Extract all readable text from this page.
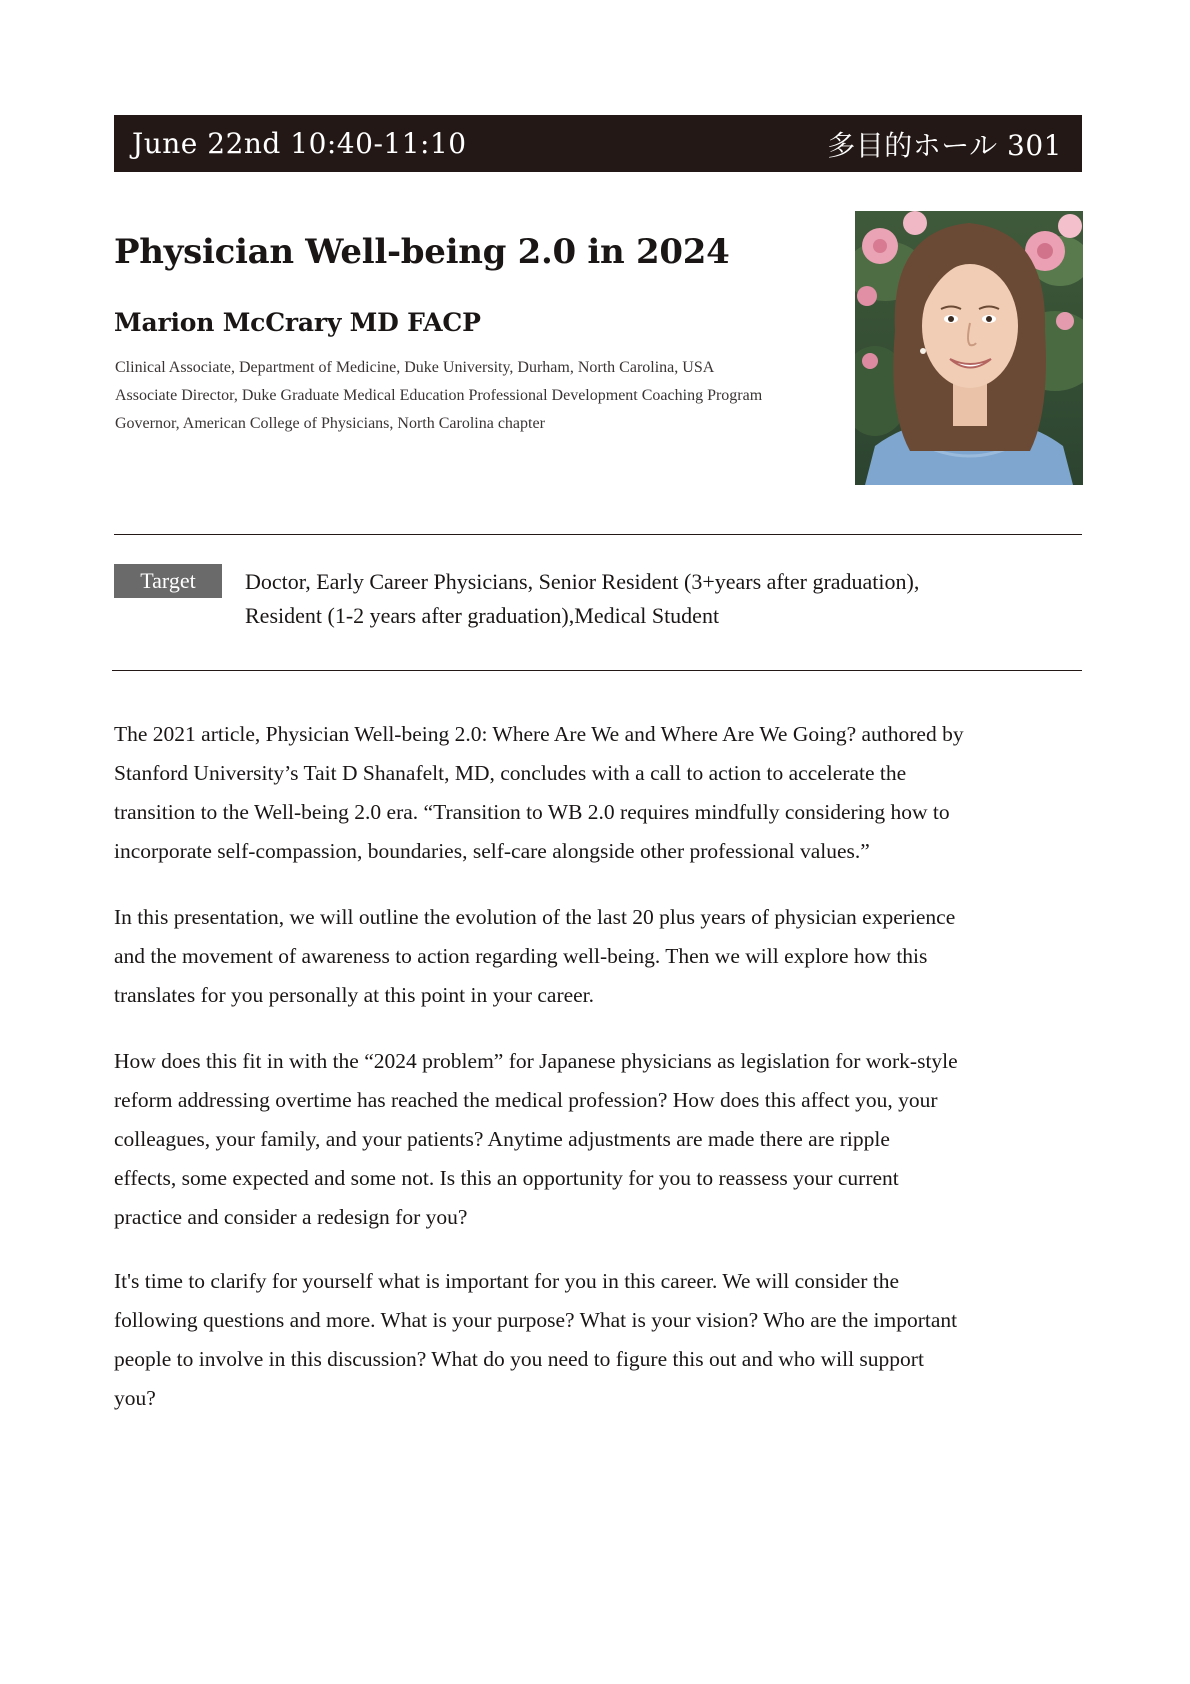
June 22nd 10:40-11:10	多目的ホール 301
Physician Well-being 2.0 in 2024
Marion McCrary MD FACP
Clinical Associate, Department of Medicine, Duke University, Durham, North Carolina, USA
Associate Director, Duke Graduate Medical Education Professional Development Coaching Program
Governor, American College of Physicians, North Carolina chapter
Target	Doctor, Early Career Physicians, Senior Resident (3+years after graduation),
Resident (1-2 years after graduation),Medical Student
The 2021 article, Physician Well-being 2.0: Where Are We and Where Are We Going? authored by
Stanford University’s Tait D Shanafelt, MD, concludes with a call to action to accelerate the
transition to the Well-being 2.0 era. “Transition to WB 2.0 requires mindfully considering how to
incorporate self-compassion, boundaries, self-care alongside other professional values.”
In this presentation, we will outline the evolution of the last 20 plus years of physician experience
and the movement of awareness to action regarding well-being. Then we will explore how this
translates for you personally at this point in your career.
How does this fit in with the “2024 problem” for Japanese physicians as legislation for work-style
reform addressing overtime has reached the medical profession? How does this affect you, your
colleagues, your family, and your patients? Anytime adjustments are made there are ripple
effects, some expected and some not. Is this an opportunity for you to reassess your current
practice and consider a redesign for you?
It's time to clarify for yourself what is important for you in this career. We will consider the
following questions and more. What is your purpose? What is your vision? Who are the important
people to involve in this discussion? What do you need to figure this out and who will support
you?
